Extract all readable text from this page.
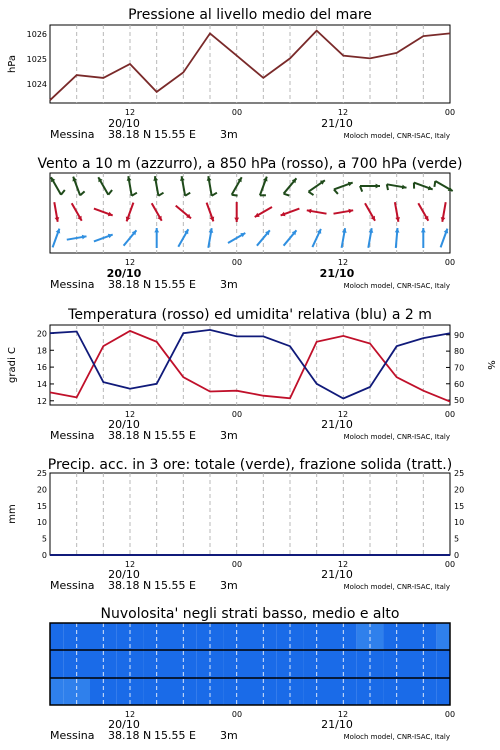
Pressione al livello medio del mare
1026
1025
1024
hPa
12	00	12	00
20/10	21/10
Messina 38.18 N 15.55 E 3m	Moloch model, CNR-ISAC, Italy
Vento a 10 m (azzurro), a 850 hPa (rosso), a 700 hPa (verde)
12	00	12	00
20/10	21/10
Messina 38.18 N 15.55 E 3m	Moloch model, CNR-ISAC, Italy
Temperatura (rosso) ed umidita' relativa (blu) a 2 m
12
14
16
18
20
50
60
70
80
90
gradi C	%
12	00	12	00
20/10	21/10
Messina 38.18 N 15.55 E 3m	Moloch model, CNR-ISAC, Italy
Precip. acc. in 3 ore: totale (verde), frazione solida (tratt.)
0
5
10
15
20
25
0
5
10
15
20
25
mm
12	00	12	00
20/10	21/10
Messina 38.18 N 15.55 E 3m	Moloch model, CNR-ISAC, Italy
Nuvolosita' negli strati basso, medio e alto
12	00	12	00
20/10	21/10
Messina 38.18 N 15.55 E 3m	Moloch model, CNR-ISAC, Italy
